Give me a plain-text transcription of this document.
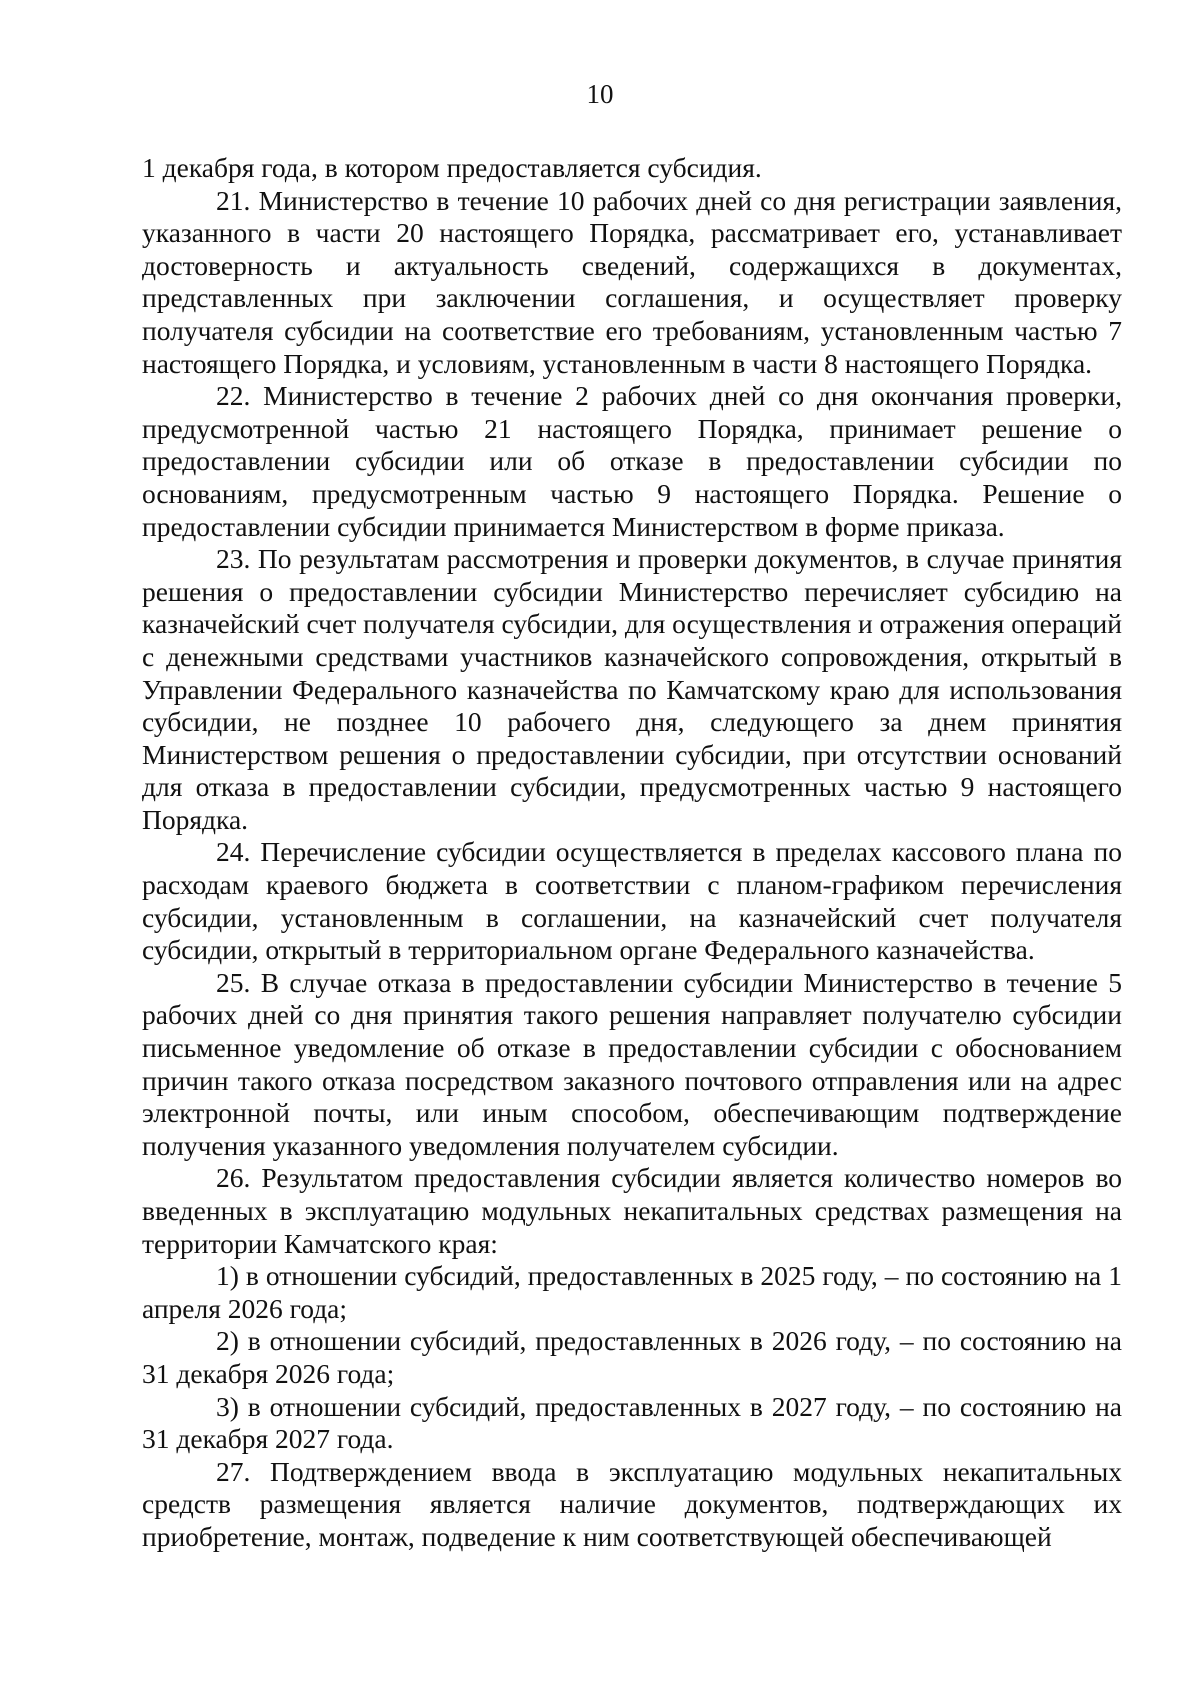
10

1 декабря года, в котором предоставляется субсидия.

21. Министерство в течение 10 рабочих дней со дня регистрации заявления, указанного в части 20 настоящего Порядка, рассматривает его, устанавливает достоверность и актуальность сведений, содержащихся в документах, представленных при заключении соглашения, и осуществляет проверку получателя субсидии на соответствие его требованиям, установленным частью 7 настоящего Порядка, и условиям, установленным в части 8 настоящего Порядка.

22. Министерство в течение 2 рабочих дней со дня окончания проверки, предусмотренной частью 21 настоящего Порядка, принимает решение о предоставлении субсидии или об отказе в предоставлении субсидии по основаниям, предусмотренным частью 9 настоящего Порядка. Решение о предоставлении субсидии принимается Министерством в форме приказа.

23. По результатам рассмотрения и проверки документов, в случае принятия решения о предоставлении субсидии Министерство перечисляет субсидию на казначейский счет получателя субсидии, для осуществления и отражения операций с денежными средствами участников казначейского сопровождения, открытый в Управлении Федерального казначейства по Камчатскому краю для использования субсидии, не позднее 10 рабочего дня, следующего за днем принятия Министерством решения о предоставлении субсидии, при отсутствии оснований для отказа в предоставлении субсидии, предусмотренных частью 9 настоящего Порядка.

24. Перечисление субсидии осуществляется в пределах кассового плана по расходам краевого бюджета в соответствии с планом-графиком перечисления субсидии, установленным в соглашении, на казначейский счет получателя субсидии, открытый в территориальном органе Федерального казначейства.

25. В случае отказа в предоставлении субсидии Министерство в течение 5 рабочих дней со дня принятия такого решения направляет получателю субсидии письменное уведомление об отказе в предоставлении субсидии с обоснованием причин такого отказа посредством заказного почтового отправления или на адрес электронной почты, или иным способом, обеспечивающим подтверждение получения указанного уведомления получателем субсидии.

26. Результатом предоставления субсидии является количество номеров во введенных в эксплуатацию модульных некапитальных средствах размещения на территории Камчатского края:

1) в отношении субсидий, предоставленных в 2025 году, – по состоянию на 1 апреля 2026 года;

2) в отношении субсидий, предоставленных в 2026 году, – по состоянию на 31 декабря 2026 года;

3) в отношении субсидий, предоставленных в 2027 году, – по состоянию на 31 декабря 2027 года.

27. Подтверждением ввода в эксплуатацию модульных некапитальных средств размещения является наличие документов, подтверждающих их приобретение, монтаж, подведение к ним соответствующей обеспечивающей
